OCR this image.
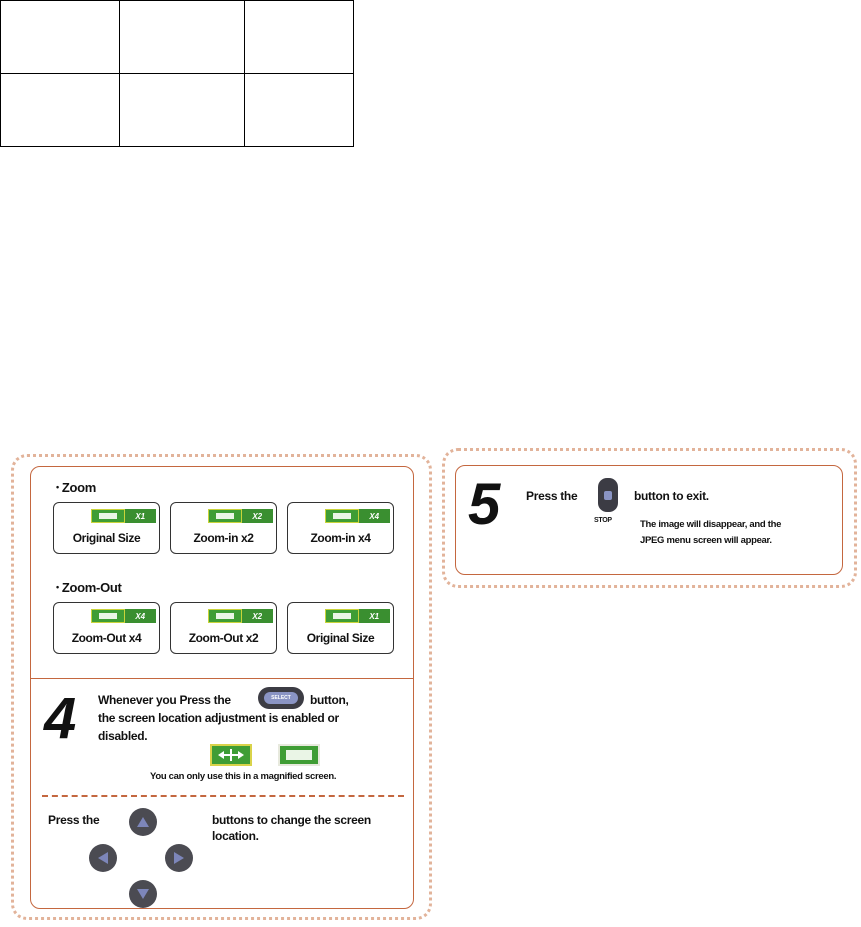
• Zoom
X1
Original Size
X2
Zoom-in x2
X4
Zoom-in x4
• Zoom-Out
X4
Zoom-Out x4
X2
Zoom-Out x2
X1
Original Size
4 Whenever you Press the	SELECT	button,
the screen location adjustment is enabled or
disabled.
You can only use this in a magnified screen.
Press the	buttons to change the screen
location.
5 Press the
STOP
button to exit.
The image will disappear, and the
JPEG menu screen will appear.
